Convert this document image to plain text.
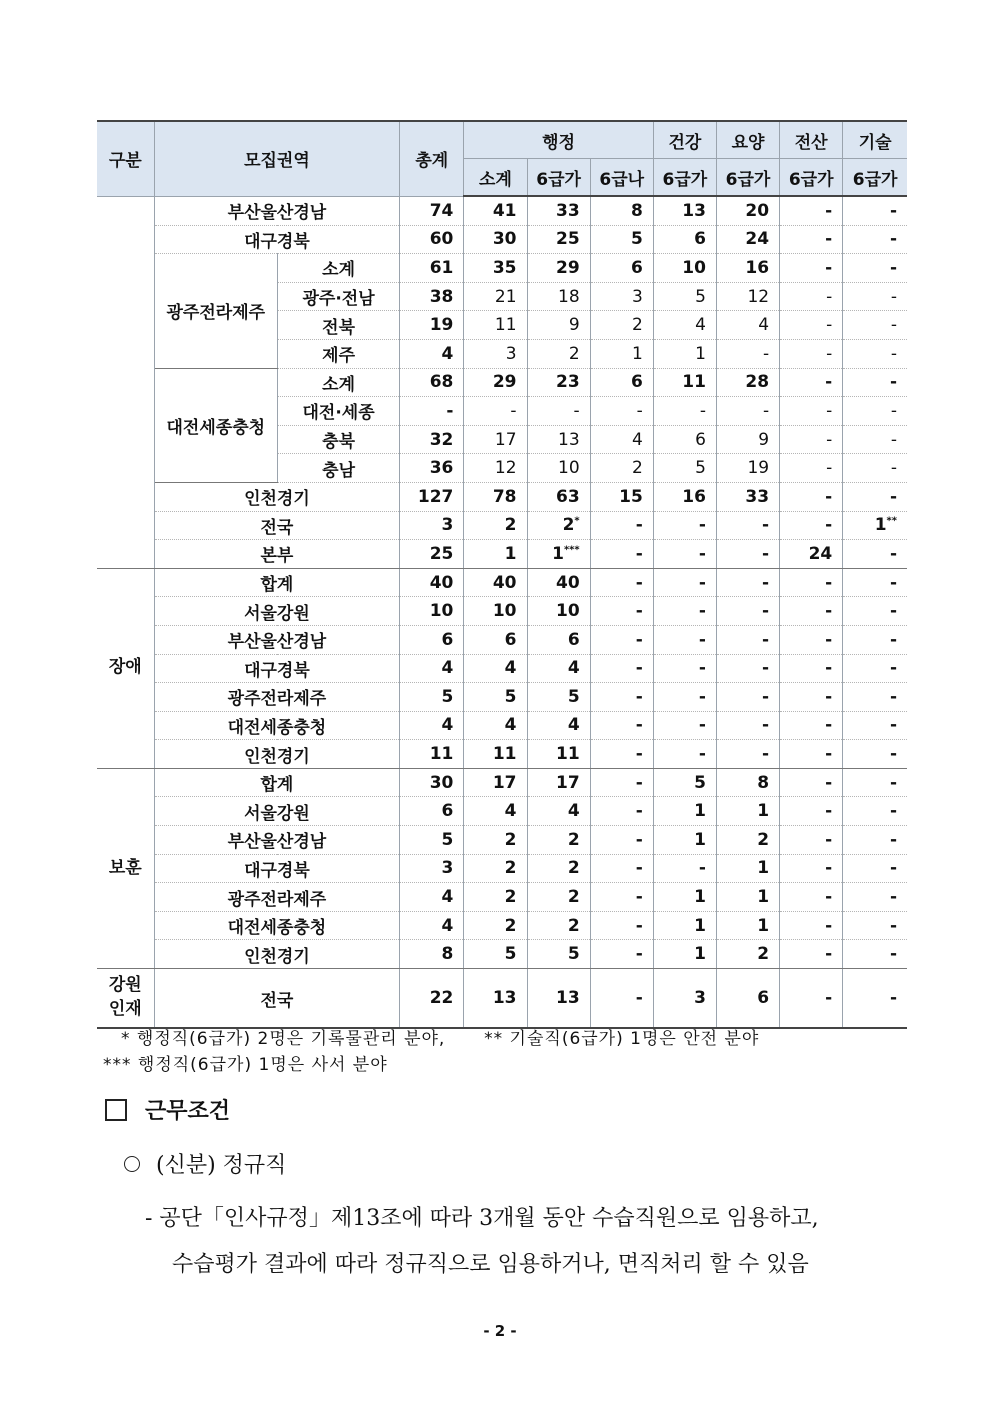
구분	모집권역		총계	행정			건강	요양	전산	기술
				소계	6급가	6급나	6급가	6급가	6급가	6급가
	부산울산경남		74	41	33	8	13	20	-	-
	대구경북		60	30	25	5	6	24	-	-
	광주전라제주	소계	61	35	29	6	10	16	-	-
		광주·전남	38	21	18	3	5	12	-	-
		전북	19	11	9	2	4	4	-	-
		제주	4	3	2	1	1	-	-	-
	대전세종충청	소계	68	29	23	6	11	28	-	-
		대전·세종	-	-	-	-	-	-	-	-
		충북	32	17	13	4	6	9	-	-
		충남	36	12	10	2	5	19	-	-
	인천경기		127	78	63	15	16	33	-	-
	전국		3	2	2*	-	-	-	-	1**
	본부		25	1	1***	-	-	-	24	-
장애	합계		40	40	40	-	-	-	-	-
	서울강원		10	10	10	-	-	-	-	-
	부산울산경남		6	6	6	-	-	-	-	-
	대구경북		4	4	4	-	-	-	-	-
	광주전라제주		5	5	5	-	-	-	-	-
	대전세종충청		4	4	4	-	-	-	-	-
	인천경기		11	11	11	-	-	-	-	-
보훈	합계		30	17	17	-	5	8	-	-
	서울강원		6	4	4	-	1	1	-	-
	부산울산경남		5	2	2	-	1	2	-	-
	대구경북		3	2	2	-	-	1	-	-
	광주전라제주		4	2	2	-	1	1	-	-
	대전세종충청		4	2	2	-	1	1	-	-
	인천경기		8	5	5	-	1	2	-	-

강원
인재	전국		22	13	13	-	3	6	-	-
* 행정직(6급가) 2명은 기록물관리 분야, ** 기술직(6급가) 1명은 안전 분야
*** 행정직(6급가) 1명은 사서 분야
근무조건
(신분) 정규직
- 공단「인사규정」제13조에 따라 3개월 동안 수습직원으로 임용하고,
수습평가 결과에 따라 정규직으로 임용하거나, 면직처리 할 수 있음
- 2 -
